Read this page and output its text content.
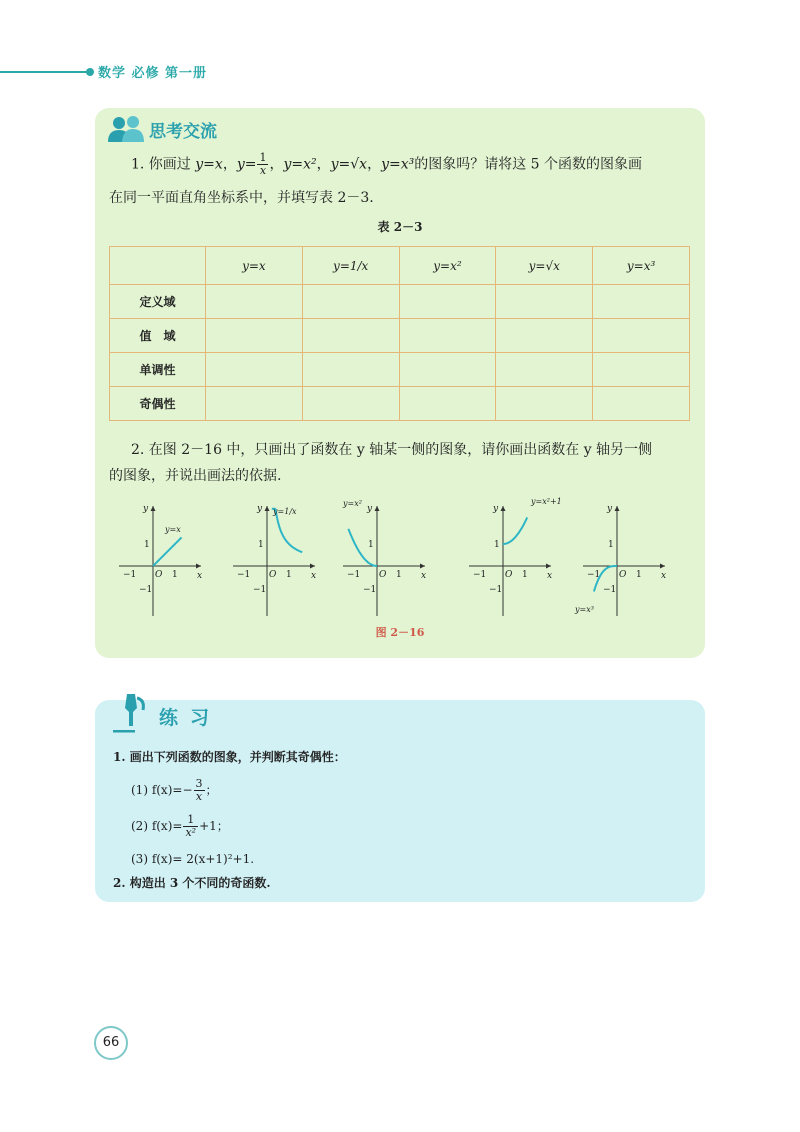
数学 必修 第一册
思考交流
1. 你画过 y=x，$y= \frac{1}{x}$ ，y=x²，y=√x，y=x³的图象吗？请将这 5 个函数的图象画
在同一平面直角坐标系中，并填写表 2－3.
表 2－3
	y=x	y=1/x	y=x²	y=√x	y=x³
定义域					
值　域					
单调性					
奇偶性					
2. 在图 2－16 中，只画出了函数在 y 轴某一侧的图象，请你画出函数在 y 轴另一侧
的图象，并说出画法的依据.
y
x
O
−1	1
1
−1
y=x
y
x
O
−1	1
1
−1
y=1/x	y
x
O
−1	1
1
−1
y=x²
y
x
O
−1	1
1
−1
y=x²+1
y
x
O
−1	1
1
−1
y=x³
图 2－16
练习
1. 画出下列函数的图象，并判断其奇偶性：
(1) $f(x)=- \frac{3}{x}$ ；
(2) $f(x)= \frac{1}{\text{x²}} +1$；
(3) f(x)= 2(x+1)²+1.
2. 构造出 3 个不同的奇函数.
66
